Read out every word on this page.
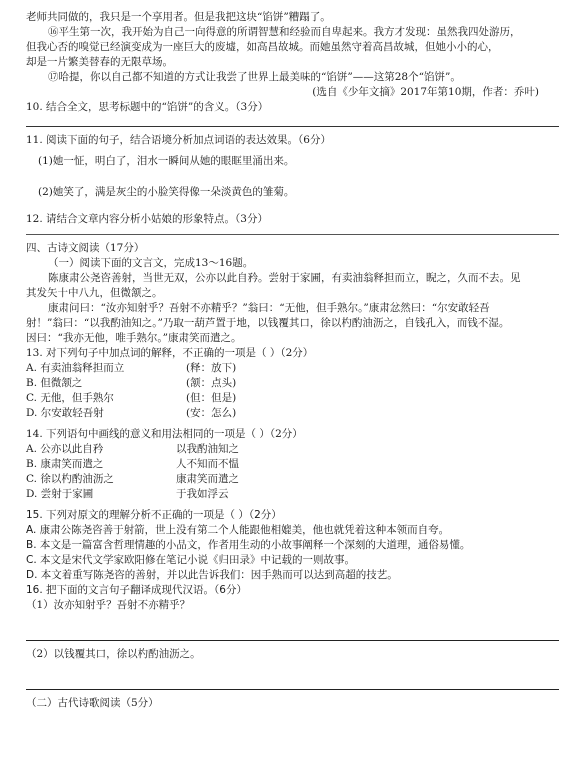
老师共同做的，我只是一个享用者。但是我把这块“馅饼”糟蹋了。
⑯平生第一次，我开始为自己一向得意的所谓智慧和经验而自卑起来。我方才发现：虽然我四处游历，
但我心否的嗅觉已经演变成为一座巨大的废墟，如高昌故城。而她虽然守着高昌故城，但她小小的心，
却是一片繁美替春的无限草场。
⑰哈提，你以自己都不知道的方式让我尝了世界上最美味的“馅饼”——这第28个“馅饼”。
(选自《少年文摘》2017年第10期，作者：乔叶)
10. 结合全文，思考标题中的“馅饼”的含义。（3分）
11. 阅读下面的句子，结合语境分析加点词语的表达效果。（6分）
(1)她一怔，明白了，泪水一瞬间从她的眼眶里涌出来。
(2)她笑了，满是灰尘的小脸笑得像一朵淡黄色的雏菊。
12. 请结合文章内容分析小姑娘的形象特点。（3分）
四、古诗文阅读（17分）
（一）阅读下面的文言文，完成13～16题。
陈康肃公尧咨善射，当世无双，公亦以此自矜。尝射于家圃，有卖油翁释担而立，睨之，久而不去。见
其发矢十中八九，但微颔之。
康肃问曰：“汝亦知射乎？吾射不亦精乎？”翁曰：“无他，但手熟尔。”康肃忿然曰：“尔安敢轻吾
射！”翁曰：“以我酌油知之。”乃取一葫芦置于地，以钱覆其口，徐以杓酌油沥之，自钱孔入，而钱不湿。
因曰：“我亦无他，唯手熟尔。”康肃笑而遣之。
13. 对下列句子中加点词的解释，不正确的一项是（ ）（2分）
A. 有卖油翁释担而立	(释：放下)
B. 但微颔之	(颔：点头)
C. 无他，但手熟尔	(但：但是)
D. 尔安敢轻吾射	(安：怎么)
14. 下列语句中画线的意义和用法相同的一项是（ ）（2分）
A. 公亦以此自矜	以我酌油知之
B. 康肃笑而遣之	人不知而不愠
C. 徐以杓酌油沥之	康肃笑而遣之
D. 尝射于家圃	于我如浮云
15. 下列对原文的理解分析不正确的一项是（ ）（2分）
A. 康肃公陈尧咨善于射箭，世上没有第二个人能跟他相媲美，他也就凭着这种本领而自夸。
B. 本文是一篇富含哲理情趣的小品文，作者用生动的小故事阐释一个深刻的大道理，通俗易懂。
C. 本文是宋代文学家欧阳修在笔记小说《归田录》中记载的一则故事。
D. 本文着重写陈尧咨的善射，并以此告诉我们：因手熟而可以达到高超的技艺。
16. 把下面的文言句子翻译成现代汉语。（6分）
（1）汝亦知射乎？吾射不亦精乎？
（2）以钱覆其口，徐以杓酌油沥之。
（二）古代诗歌阅读（5分）
